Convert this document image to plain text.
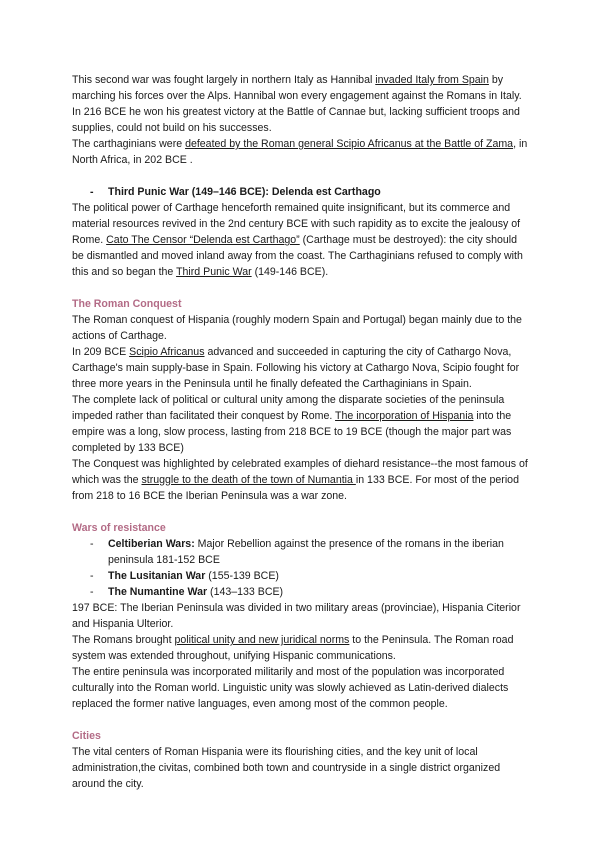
This second war was fought largely in northern Italy as Hannibal invaded Italy from Spain by marching his forces over the Alps. Hannibal won every engagement against the Romans in Italy. In 216 BCE he won his greatest victory at the Battle of Cannae but, lacking sufficient troops and supplies, could not build on his successes.

The carthaginians were defeated by the Roman general Scipio Africanus at the Battle of Zama, in North Africa, in 202 BCE .

- Third Punic War (149–146 BCE): Delenda est Carthago

The political power of Carthage henceforth remained quite insignificant, but its commerce and material resources revived in the 2nd century BCE with such rapidity as to excite the jealousy of Rome. Cato The Censor “Delenda est Carthago” (Carthage must be destroyed): the city should be dismantled and moved inland away from the coast. The Carthaginians refused to comply with this and so began the Third Punic War (149-146 BCE).

The Roman Conquest

The Roman conquest of Hispania (roughly modern Spain and Portugal) began mainly due to the actions of Carthage.

In 209 BCE Scipio Africanus advanced and succeeded in capturing the city of Cathargo Nova, Carthage's main supply-base in Spain. Following his victory at Cathargo Nova, Scipio fought for three more years in the Peninsula until he finally defeated the Carthaginians in Spain.

The complete lack of political or cultural unity among the disparate societies of the peninsula impeded rather than facilitated their conquest by Rome. The incorporation of Hispania into the empire was a long, slow process, lasting from 218 BCE to 19 BCE (though the major part was completed by 133 BCE)

The Conquest was highlighted by celebrated examples of diehard resistance--the most famous of which was the struggle to the death of the town of Numantia in 133 BCE. For most of the period from 218 to 16 BCE the Iberian Peninsula was a war zone.

Wars of resistance

- Celtiberian Wars: Major Rebellion against the presence of the romans in the iberian peninsula 181-152 BCE
- The Lusitanian War (155-139 BCE)
- The Numantine War (143–133 BCE)

197 BCE: The Iberian Peninsula was divided in two military areas (provinciae), Hispania Citerior and Hispania Ulterior.

The Romans brought political unity and new juridical norms to the Peninsula. The Roman road system was extended throughout, unifying Hispanic communications.

The entire peninsula was incorporated militarily and most of the population was incorporated culturally into the Roman world. Linguistic unity was slowly achieved as Latin-derived dialects replaced the former native languages, even among most of the common people.

Cities

The vital centers of Roman Hispania were its flourishing cities, and the key unit of local administration,the civitas, combined both town and countryside in a single district organized around the city.
